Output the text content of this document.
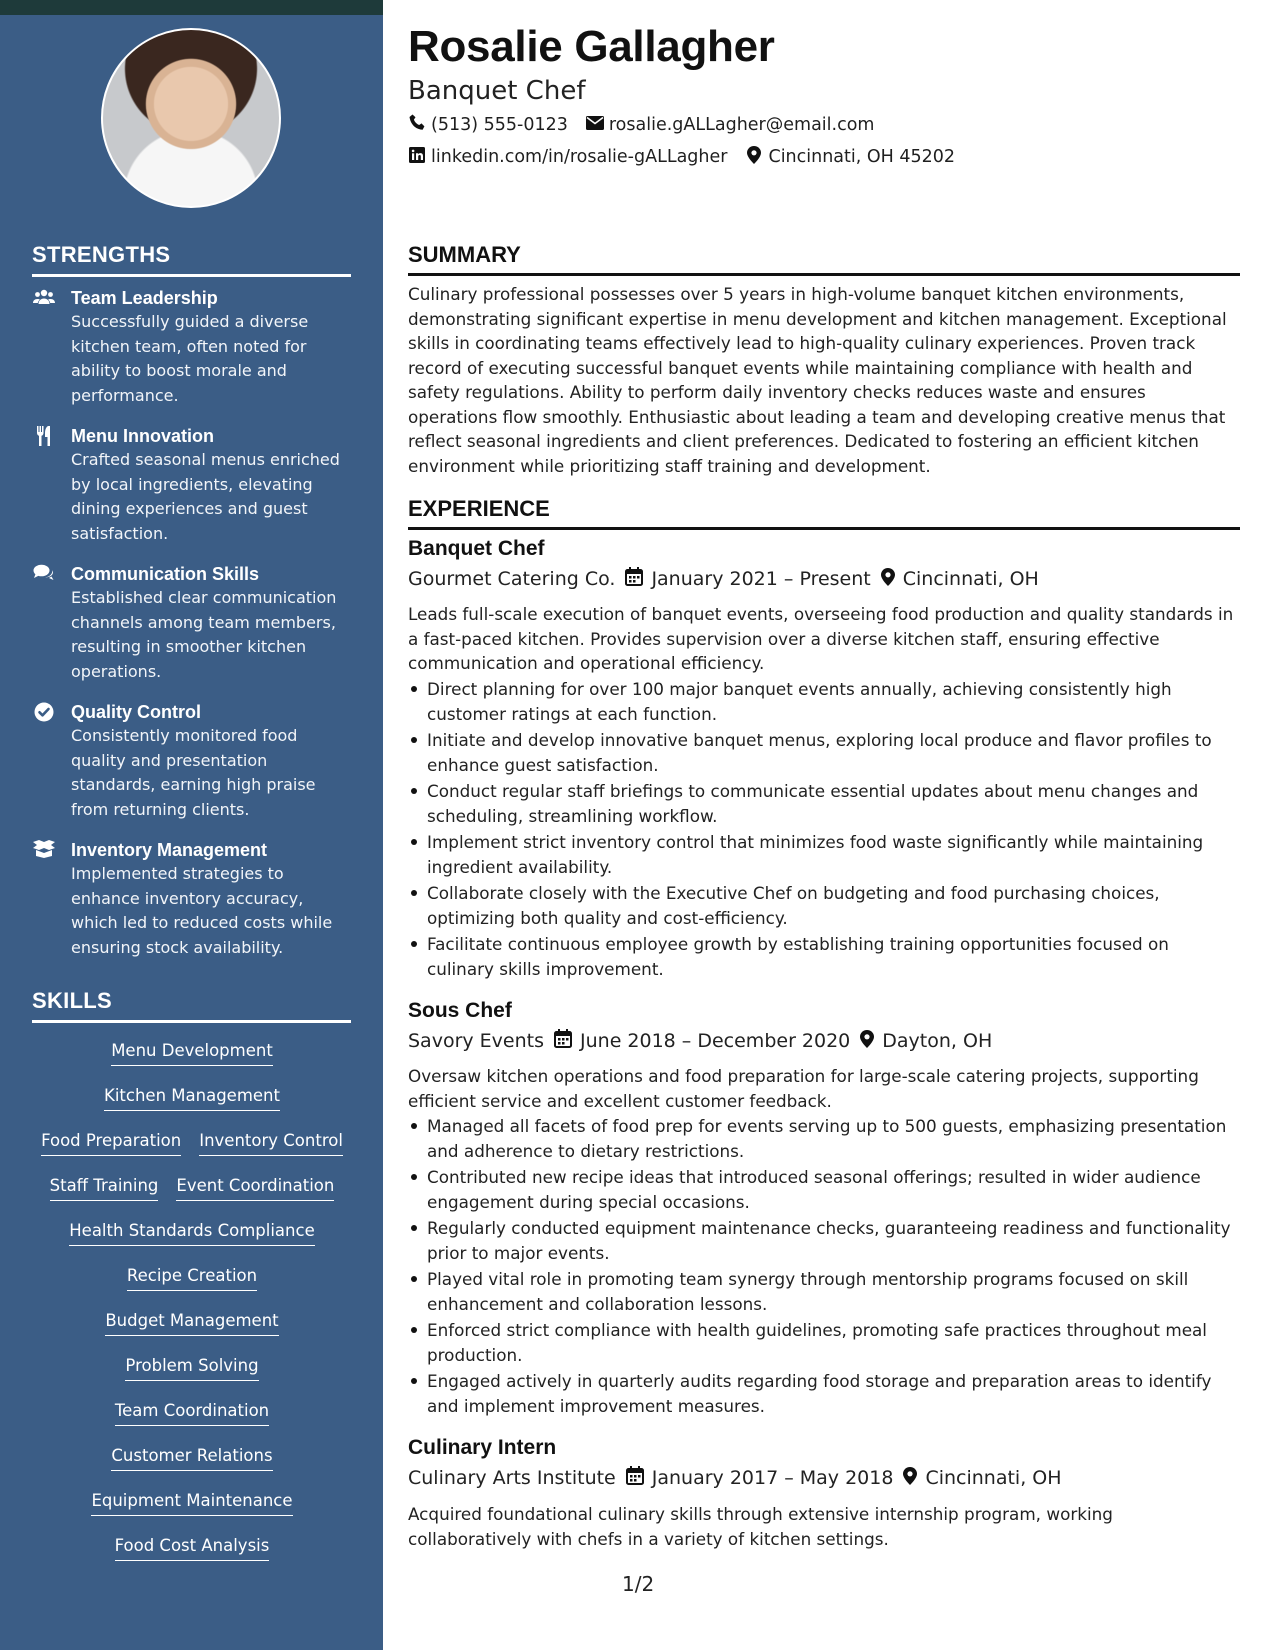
STRENGTHS
Team Leadership
Successfully guided a diverse kitchen team, often noted for ability to boost morale and performance.
Menu Innovation
Crafted seasonal menus enriched by local ingredients, elevating dining experiences and guest satisfaction.
Communication Skills
Established clear communication channels among team members, resulting in smoother kitchen operations.
Quality Control
Consistently monitored food quality and presentation standards, earning high praise from returning clients.
Inventory Management
Implemented strategies to enhance inventory accuracy, which led to reduced costs while ensuring stock availability.
SKILLS
Menu Development
Kitchen Management
Food Preparation Inventory Control
Staff Training Event Coordination
Health Standards Compliance
Recipe Creation
Budget Management
Problem Solving
Team Coordination
Customer Relations
Equipment Maintenance
Food Cost Analysis
Rosalie Gallagher
Banquet Chef
(513) 555-0123 rosalie.gALLagher@email.com
linkedin.com/in/rosalie-gALLagher Cincinnati, OH 45202
SUMMARY

Culinary professional possesses over 5 years in high-volume banquet kitchen environments, demonstrating significant expertise in menu development and kitchen management. Exceptional skills in coordinating teams effectively lead to high-quality culinary experiences. Proven track record of executing successful banquet events while maintaining compliance with health and safety regulations. Ability to perform daily inventory checks reduces waste and ensures operations flow smoothly. Enthusiastic about leading a team and developing creative menus that reflect seasonal ingredients and client preferences. Dedicated to fostering an efficient kitchen environment while prioritizing staff training and development.

EXPERIENCE
Banquet Chef
Gourmet Catering Co. January 2021 – Present Cincinnati, OH

Leads full-scale execution of banquet events, overseeing food production and quality standards in a fast-paced kitchen. Provides supervision over a diverse kitchen staff, ensuring effective communication and operational efficiency.

Direct planning for over 100 major banquet events annually, achieving consistently high customer ratings at each function.
Initiate and develop innovative banquet menus, exploring local produce and flavor profiles to enhance guest satisfaction.
Conduct regular staff briefings to communicate essential updates about menu changes and scheduling, streamlining workflow.
Implement strict inventory control that minimizes food waste significantly while maintaining ingredient availability.
Collaborate closely with the Executive Chef on budgeting and food purchasing choices, optimizing both quality and cost-efficiency.
Facilitate continuous employee growth by establishing training opportunities focused on culinary skills improvement.
Sous Chef
Savory Events June 2018 – December 2020 Dayton, OH

Oversaw kitchen operations and food preparation for large-scale catering projects, supporting efficient service and excellent customer feedback.

Managed all facets of food prep for events serving up to 500 guests, emphasizing presentation and adherence to dietary restrictions.
Contributed new recipe ideas that introduced seasonal offerings; resulted in wider audience engagement during special occasions.
Regularly conducted equipment maintenance checks, guaranteeing readiness and functionality prior to major events.
Played vital role in promoting team synergy through mentorship programs focused on skill enhancement and collaboration lessons.
Enforced strict compliance with health guidelines, promoting safe practices throughout meal production.
Engaged actively in quarterly audits regarding food storage and preparation areas to identify and implement improvement measures.
Culinary Intern
Culinary Arts Institute January 2017 – May 2018 Cincinnati, OH

Acquired foundational culinary skills through extensive internship program, working collaboratively with chefs in a variety of kitchen settings.

1/2
